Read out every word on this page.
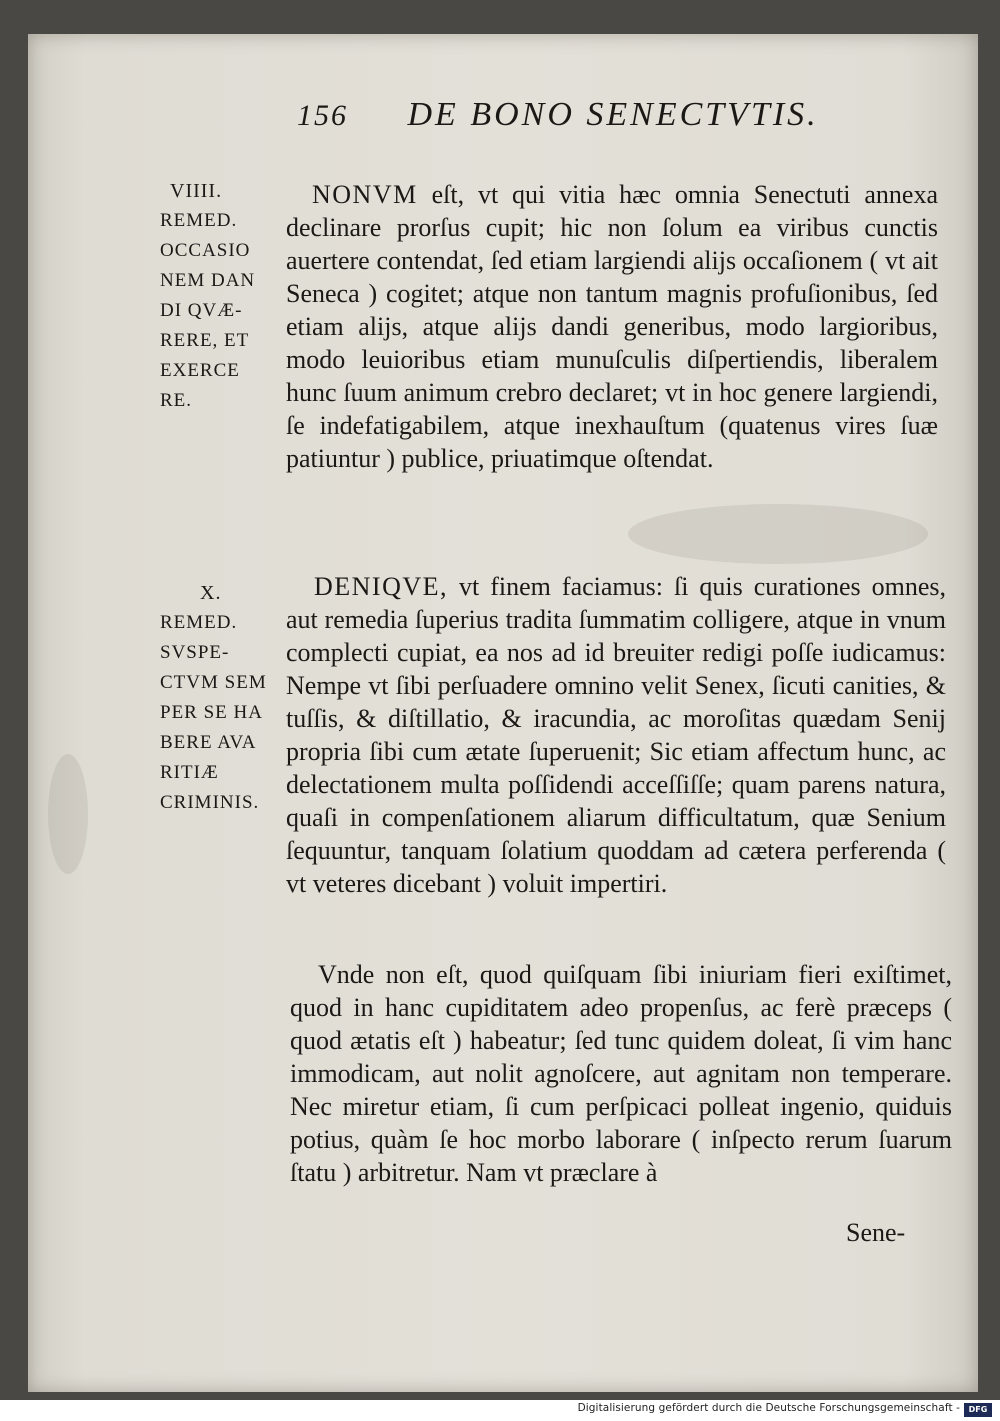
156 DE BONO SENECTVTIS.
VIIII.
REMED.
OCCASIO
NEM DAN
DI QVÆ-
RERE, ET
EXERCE
RE.
X.
REMED.
SVSPE-
CTVM SEM
PER SE HA
BERE AVA
RITIÆ
CRIMINIS.
NONVM eſt, vt qui vitia hæc omnia Senectuti annexa declinare prorſus cupit; hic non ſolum ea viribus cunctis auertere contendat, ſed etiam largiendi alijs occaſionem ( vt ait Seneca ) cogitet; atque non tantum magnis profuſionibus, ſed etiam alijs, atque alijs dandi generibus, modo largioribus, modo leuioribus etiam munuſculis diſpertiendis, liberalem hunc ſuum animum crebro declaret; vt in hoc genere largiendi, ſe indefatigabilem, atque inexhauſtum (quatenus vires ſuæ patiuntur ) publice, priuatimque oſtendat.
DENIQVE, vt finem faciamus: ſi quis curationes omnes, aut remedia ſuperius tradita ſummatim colligere, atque in vnum complecti cupiat, ea nos ad id breuiter redigi poſſe iudicamus: Nempe vt ſibi perſuadere omnino velit Senex, ſicuti canities, & tuſſis, & diſtillatio, & iracundia, ac moroſitas quædam Senij propria ſibi cum ætate ſuperuenit; Sic etiam affectum hunc, ac delectationem multa poſſidendi acceſſiſſe; quam parens natura, quaſi in compenſationem aliarum difficultatum, quæ Senium ſequuntur, tanquam ſolatium quoddam ad cætera perferenda ( vt veteres dicebant ) voluit impertiri.
Vnde non eſt, quod quiſquam ſibi iniuriam fieri exiſtimet, quod in hanc cupiditatem adeo propenſus, ac ferè præceps ( quod ætatis eſt ) habeatur; ſed tunc quidem doleat, ſi vim hanc immodicam, aut nolit agnoſcere, aut agnitam non temperare. Nec miretur etiam, ſi cum perſpicaci polleat ingenio, quiduis potius, quàm ſe hoc morbo laborare ( inſpecto rerum ſuarum ſtatu ) arbitretur. Nam vt præclare à
Sene-
Digitalisierung gefördert durch die Deutsche Forschungsgemeinschaft -	DFG
